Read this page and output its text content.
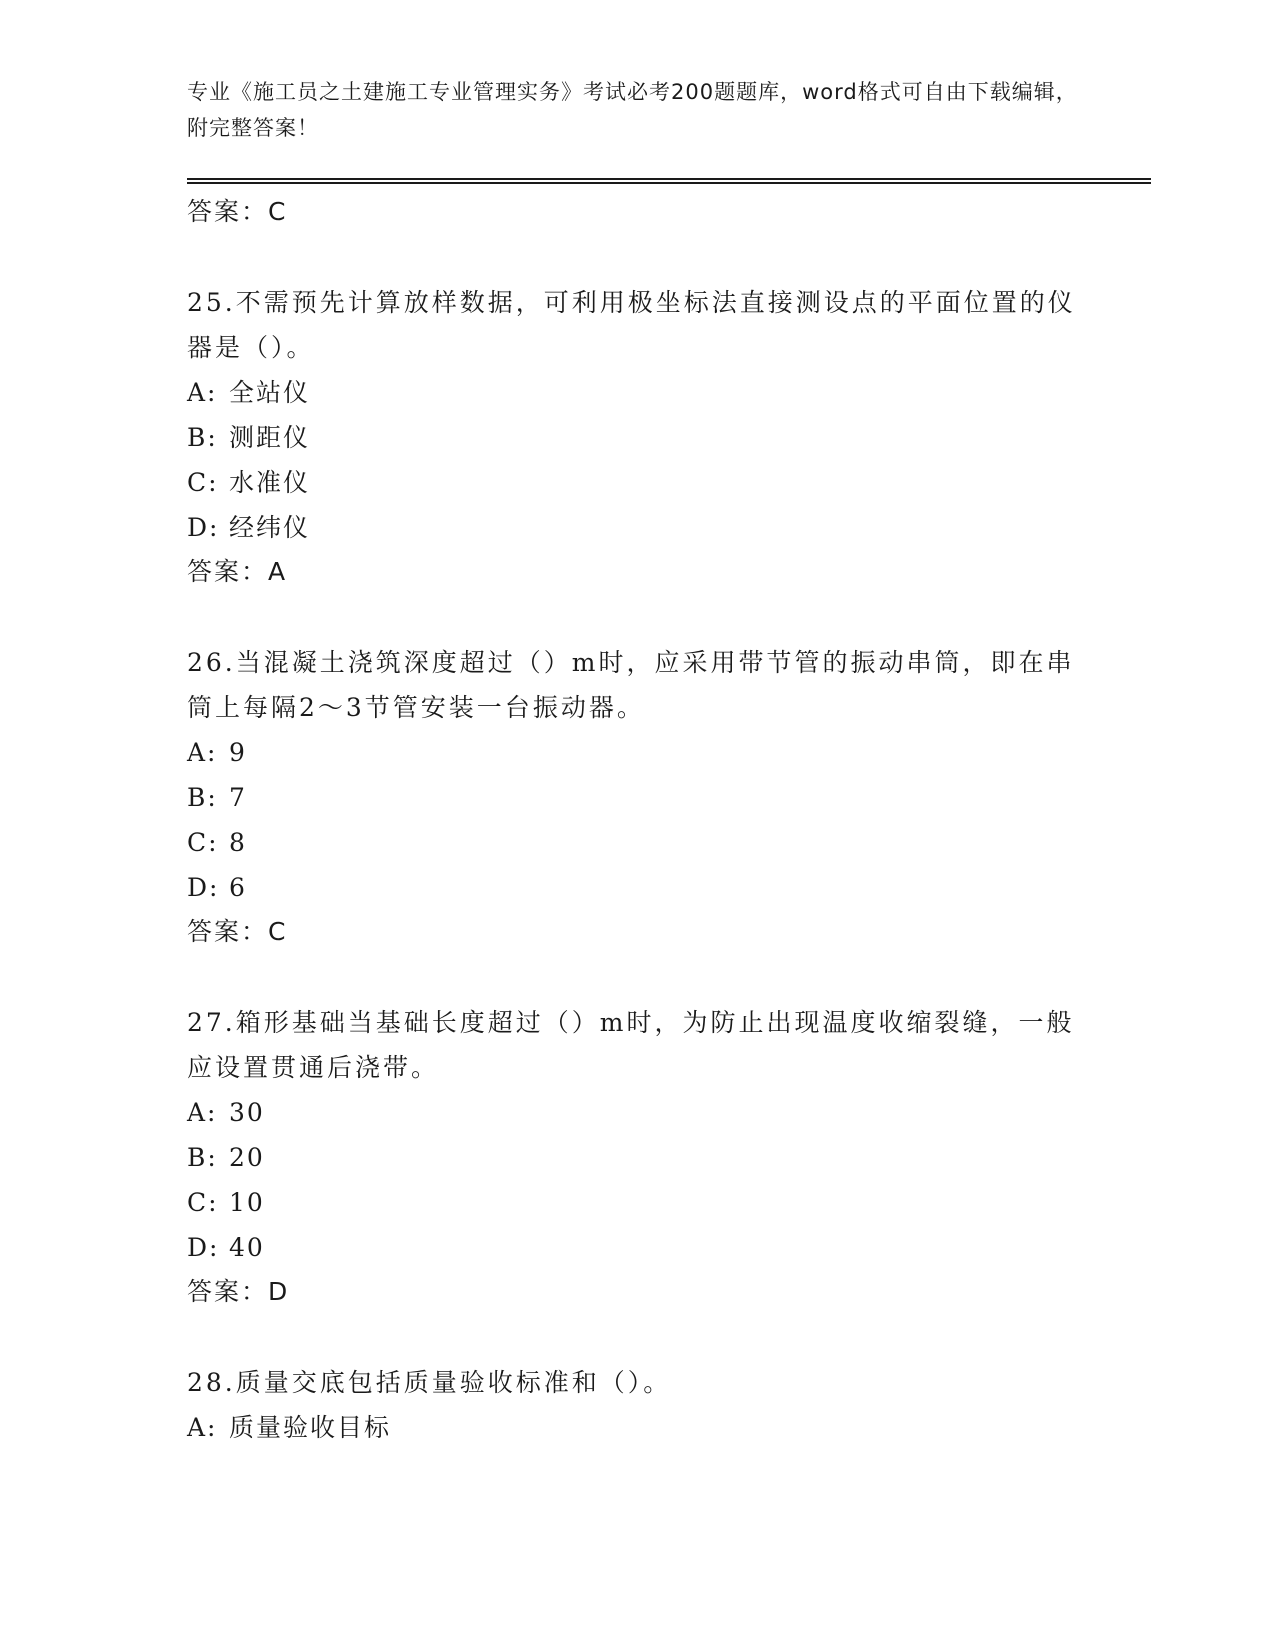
专业《施工员之土建施工专业管理实务》考试必考200题题库，word格式可自由下载编辑，附完整答案！
答案：C
25.不需预先计算放样数据，可利用极坐标法直接测设点的平面位置的仪器是（）。
A: 全站仪
B: 测距仪
C: 水准仪
D: 经纬仪
答案：A
26.当混凝土浇筑深度超过（）m时，应采用带节管的振动串筒，即在串筒上每隔2～3节管安装一台振动器。
A: 9
B: 7
C: 8
D: 6
答案：C
27.箱形基础当基础长度超过（）m时，为防止出现温度收缩裂缝，一般应设置贯通后浇带。
A: 30
B: 20
C: 10
D: 40
答案：D
28.质量交底包括质量验收标准和（）。
A: 质量验收目标
